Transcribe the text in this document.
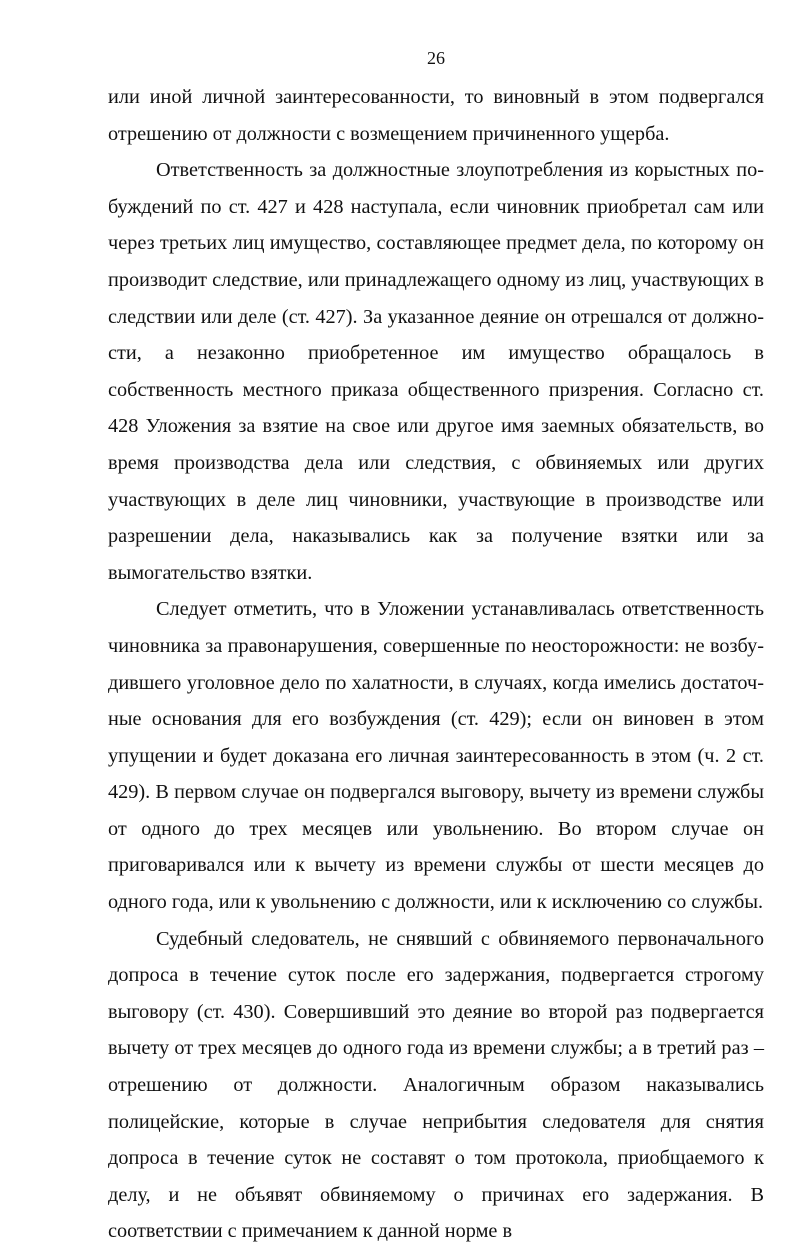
26

или иной личной заинтересованности, то виновный в этом подвергался отрешению от должности с возмещением причиненного ущерба.

Ответственность за должностные злоупотребления из корыстных побуждений по ст. 427 и 428 наступала, если чиновник приобретал сам или через третьих лиц имущество, составляющее предмет дела, по которому он производит следствие, или принадлежащего одному из лиц, участвующих в следствии или деле (ст. 427). За указанное деяние он отрешался от должности, а незаконно приобретенное им имущество обращалось в собственность местного приказа общественного призрения. Согласно ст. 428 Уложения за взятие на свое или другое имя заемных обязательств, во время производства дела или следствия, с обвиняемых или других участвующих в деле лиц чиновники, участвующие в производстве или разрешении дела, наказывались как за получение взятки или за вымогательство взятки.

Следует отметить, что в Уложении устанавливалась ответственность чиновника за правонарушения, совершенные по неосторожности: не возбудившего уголовное дело по халатности, в случаях, когда имелись достаточные основания для его возбуждения (ст. 429); если он виновен в этом упущении и будет доказана его личная заинтересованность в этом (ч. 2 ст. 429). В первом случае он подвергался выговору, вычету из времени службы от одного до трех месяцев или увольнению. Во втором случае он приговаривался или к вычету из времени службы от шести месяцев до одного года, или к увольнению с должности, или к исключению со службы.

Судебный следователь, не снявший с обвиняемого первоначального допроса в течение суток после его задержания, подвергается строгому выговору (ст. 430). Совершивший это деяние во второй раз подвергается вычету от трех месяцев до одного года из времени службы; а в третий раз – отрешению от должности. Аналогичным образом наказывались полицейские, которые в случае неприбытия следователя для снятия допроса в течение суток не составят о том протокола, приобщаемого к делу, и не объявят обвиняемому о причинах его задержания. В соответствии с примечанием к данной норме в
